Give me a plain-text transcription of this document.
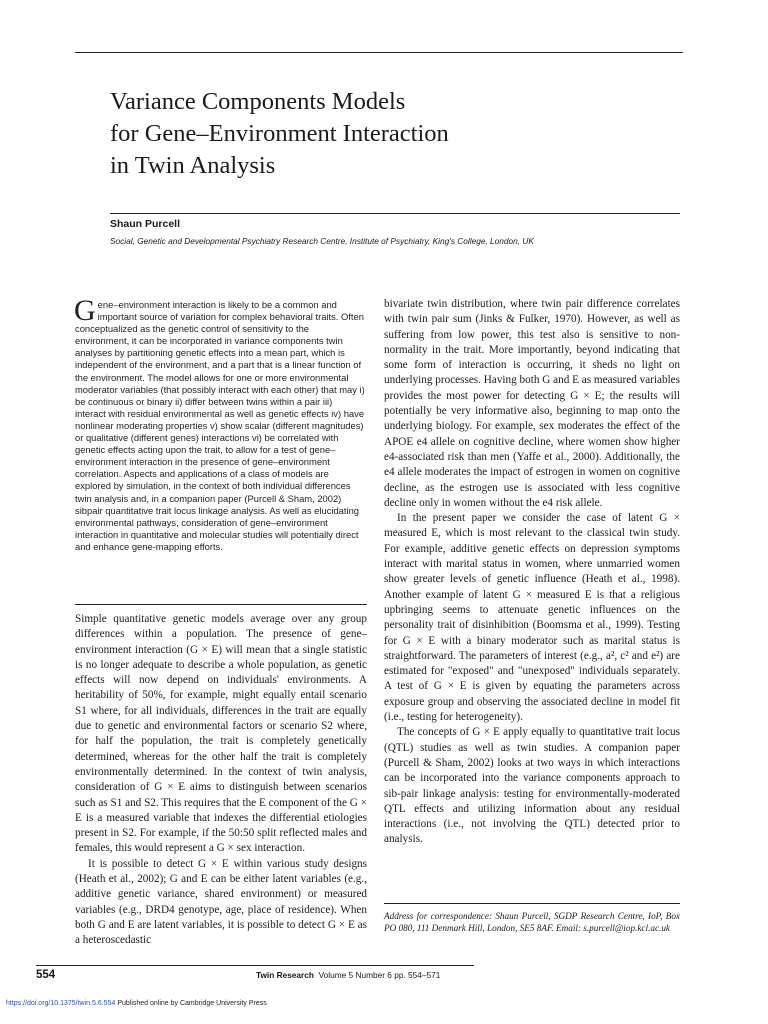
Variance Components Models
for Gene–Environment Interaction
in Twin Analysis
Shaun Purcell
Social, Genetic and Developmental Psychiatry Research Centre, Institute of Psychiatry, King's College, London, UK
Gene–environment interaction is likely to be a common and important source of variation for complex behavioral traits. Often conceptualized as the genetic control of sensitivity to the environment, it can be incorporated in variance components twin analyses by partitioning genetic effects into a mean part, which is independent of the environment, and a part that is a linear function of the environment. The model allows for one or more environmental moderator variables (that possibly interact with each other) that may i) be continuous or binary ii) differ between twins within a pair iii) interact with residual environmental as well as genetic effects iv) have nonlinear moderating properties v) show scalar (different magnitudes) or qualitative (different genes) interactions vi) be correlated with genetic effects acting upon the trait, to allow for a test of gene–environment interaction in the presence of gene–environment correlation. Aspects and applications of a class of models are explored by simulation, in the context of both individual differences twin analysis and, in a companion paper (Purcell & Sham, 2002) sibpair quantitative trait locus linkage analysis. As well as elucidating environmental pathways, consideration of gene–environment interaction in quantitative and molecular studies will potentially direct and enhance gene-mapping efforts.

Simple quantitative genetic models average over any group differences within a population. The presence of gene–environment interaction (G × E) will mean that a single statistic is no longer adequate to describe a whole population, as genetic effects will now depend on individuals' environments. A heritability of 50%, for example, might equally entail scenario S1 where, for all individuals, differences in the trait are equally due to genetic and environmental factors or scenario S2 where, for half the population, the trait is completely genetically determined, whereas for the other half the trait is completely environmentally determined. In the context of twin analysis, consideration of G × E aims to distinguish between scenarios such as S1 and S2. This requires that the E component of the G × E is a measured variable that indexes the differential etiologies present in S2. For example, if the 50:50 split reflected males and females, this would represent a G × sex interaction.

It is possible to detect G × E within various study designs (Heath et al., 2002); G and E can be either latent variables (e.g., additive genetic variance, shared environment) or measured variables (e.g., DRD4 genotype, age, place of residence). When both G and E are latent variables, it is possible to detect G × E as a heteroscedastic

bivariate twin distribution, where twin pair difference correlates with twin pair sum (Jinks & Fulker, 1970). However, as well as suffering from low power, this test also is sensitive to non-normality in the trait. More importantly, beyond indicating that some form of interaction is occurring, it sheds no light on underlying processes. Having both G and E as measured variables provides the most power for detecting G × E; the results will potentially be very informative also, beginning to map onto the underlying biology. For example, sex moderates the effect of the APOE e4 allele on cognitive decline, where women show higher e4-associated risk than men (Yaffe et al., 2000). Additionally, the e4 allele moderates the impact of estrogen in women on cognitive decline, as the estrogen use is associated with less cognitive decline only in women without the e4 risk allele.

In the present paper we consider the case of latent G × measured E, which is most relevant to the classical twin study. For example, additive genetic effects on depression symptoms interact with marital status in women, where unmarried women show greater levels of genetic influence (Heath et al., 1998). Another example of latent G × measured E is that a religious upbringing seems to attenuate genetic influences on the personality trait of disinhibition (Boomsma et al., 1999). Testing for G × E with a binary moderator such as marital status is straightforward. The parameters of interest (e.g., a², c² and e²) are estimated for "exposed" and "unexposed" individuals separately. A test of G × E is given by equating the parameters across exposure group and observing the associated decline in model fit (i.e., testing for heterogeneity).

The concepts of G × E apply equally to quantitative trait locus (QTL) studies as well as twin studies. A companion paper (Purcell & Sham, 2002) looks at two ways in which interactions can be incorporated into the variance components approach to sib-pair linkage analysis: testing for environmentally-moderated QTL effects and utilizing information about any residual interactions (i.e., not involving the QTL) detected prior to analysis.

Address for correspondence: Shaun Purcell, SGDP Research Centre, IoP, Box PO 080, 111 Denmark Hill, London, SE5 8AF. Email: s.purcell@iop.kcl.ac.uk
554	Twin Research Volume 5 Number 6 pp. 554–571
https://doi.org/10.1375/twin.5.6.554 Published online by Cambridge University Press
